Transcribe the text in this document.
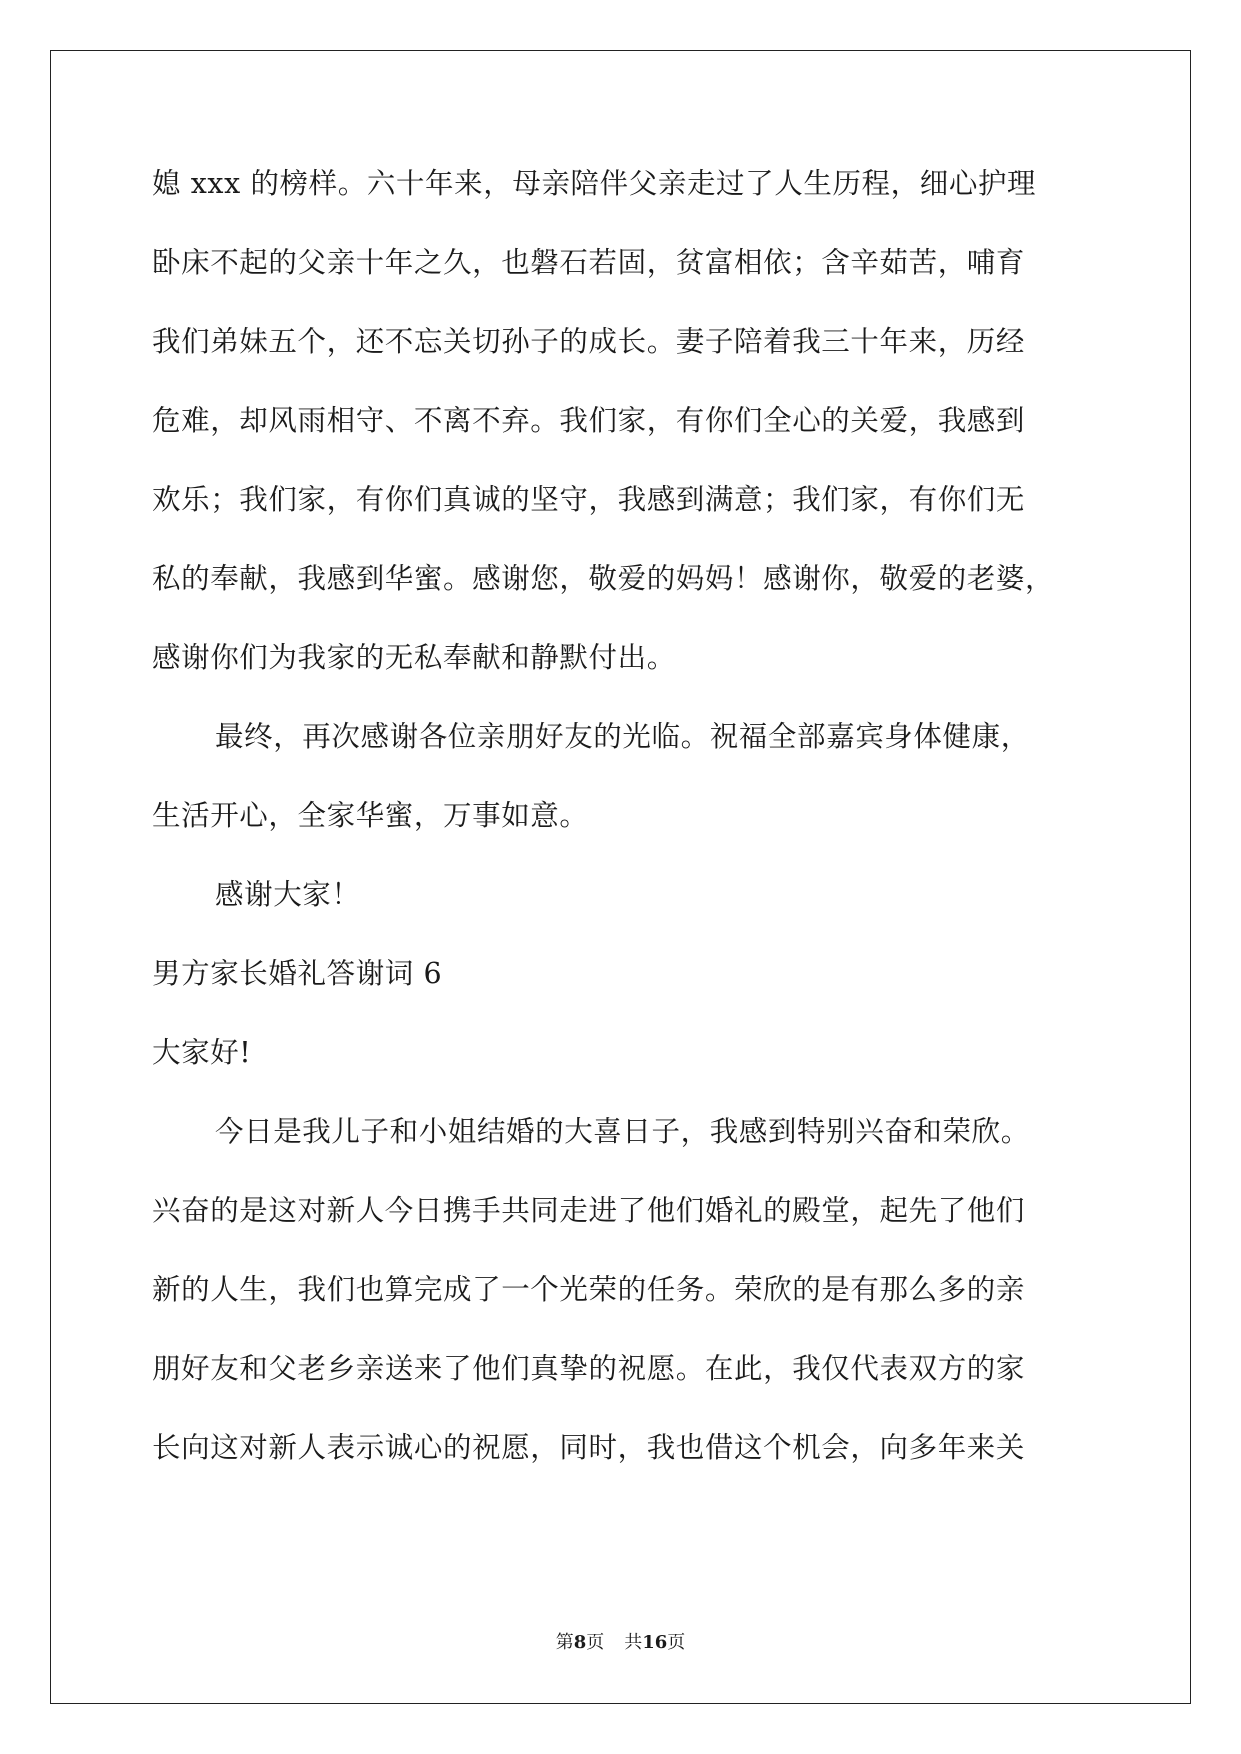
媳 xxx 的榜样。六十年来，母亲陪伴父亲走过了人生历程，细心护理
卧床不起的父亲十年之久，也磐石若固，贫富相依；含辛茹苦，哺育
我们弟妹五个，还不忘关切孙子的成长。妻子陪着我三十年来，历经
危难，却风雨相守、不离不弃。我们家，有你们全心的关爱，我感到
欢乐；我们家，有你们真诚的坚守，我感到满意；我们家，有你们无
私的奉献，我感到华蜜。感谢您，敬爱的妈妈！感谢你，敬爱的老婆，
感谢你们为我家的无私奉献和静默付出。
最终，再次感谢各位亲朋好友的光临。祝福全部嘉宾身体健康，
生活开心，全家华蜜，万事如意。
感谢大家！
男方家长婚礼答谢词 6
大家好!
今日是我儿子和小姐结婚的大喜日子，我感到特别兴奋和荣欣。
兴奋的是这对新人今日携手共同走进了他们婚礼的殿堂，起先了他们
新的人生，我们也算完成了一个光荣的任务。荣欣的是有那么多的亲
朋好友和父老乡亲送来了他们真挚的祝愿。在此，我仅代表双方的家
长向这对新人表示诚心的祝愿，同时，我也借这个机会，向多年来关
第8页 共16页
